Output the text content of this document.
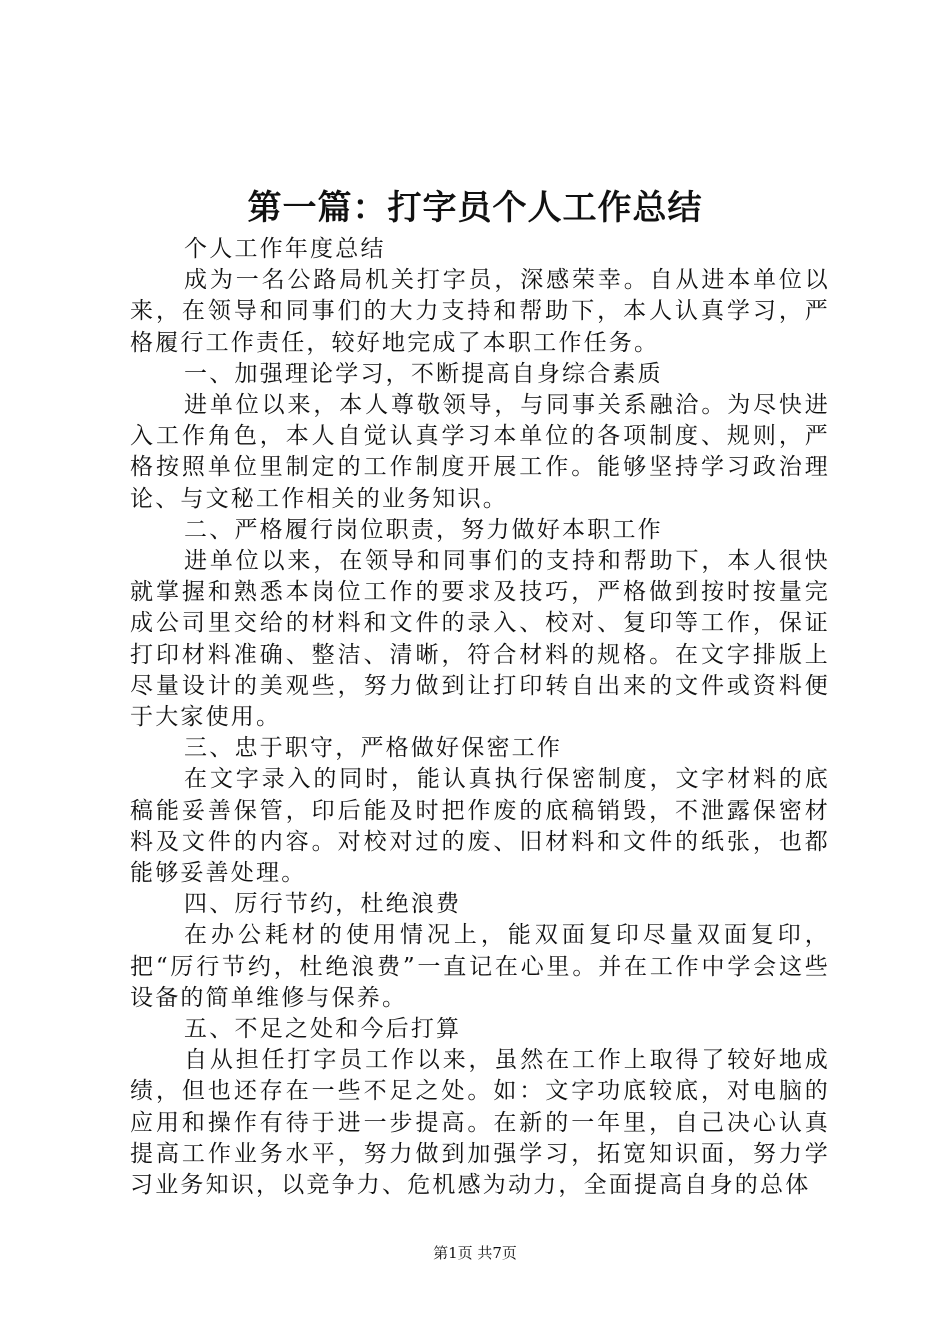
第一篇：打字员个人工作总结

个人工作年度总结

成为一名公路局机关打字员，深感荣幸。自从进本单位以来，在领导和同事们的大力支持和帮助下，本人认真学习，严格履行工作责任，较好地完成了本职工作任务。

一、加强理论学习，不断提高自身综合素质

进单位以来，本人尊敬领导，与同事关系融洽。为尽快进入工作角色，本人自觉认真学习本单位的各项制度、规则，严格按照单位里制定的工作制度开展工作。能够坚持学习政治理论、与文秘工作相关的业务知识。

二、严格履行岗位职责，努力做好本职工作

进单位以来，在领导和同事们的支持和帮助下，本人很快就掌握和熟悉本岗位工作的要求及技巧，严格做到按时按量完成公司里交给的材料和文件的录入、校对、复印等工作，保证打印材料准确、整洁、清晰，符合材料的规格。在文字排版上尽量设计的美观些，努力做到让打印转自出来的文件或资料便于大家使用。

三、忠于职守，严格做好保密工作

在文字录入的同时，能认真执行保密制度，文字材料的底稿能妥善保管，印后能及时把作废的底稿销毁，不泄露保密材料及文件的内容。对校对过的废、旧材料和文件的纸张，也都能够妥善处理。

四、厉行节约，杜绝浪费

在办公耗材的使用情况上，能双面复印尽量双面复印，把“厉行节约，杜绝浪费”一直记在心里。并在工作中学会这些设备的简单维修与保养。

五、不足之处和今后打算

自从担任打字员工作以来，虽然在工作上取得了较好地成绩，但也还存在一些不足之处。如：文字功底较底，对电脑的应用和操作有待于进一步提高。在新的一年里，自己决心认真提高工作业务水平，努力做到加强学习，拓宽知识面，努力学习业务知识，以竞争力、危机感为动力，全面提高自身的总体

第1页 共7页
